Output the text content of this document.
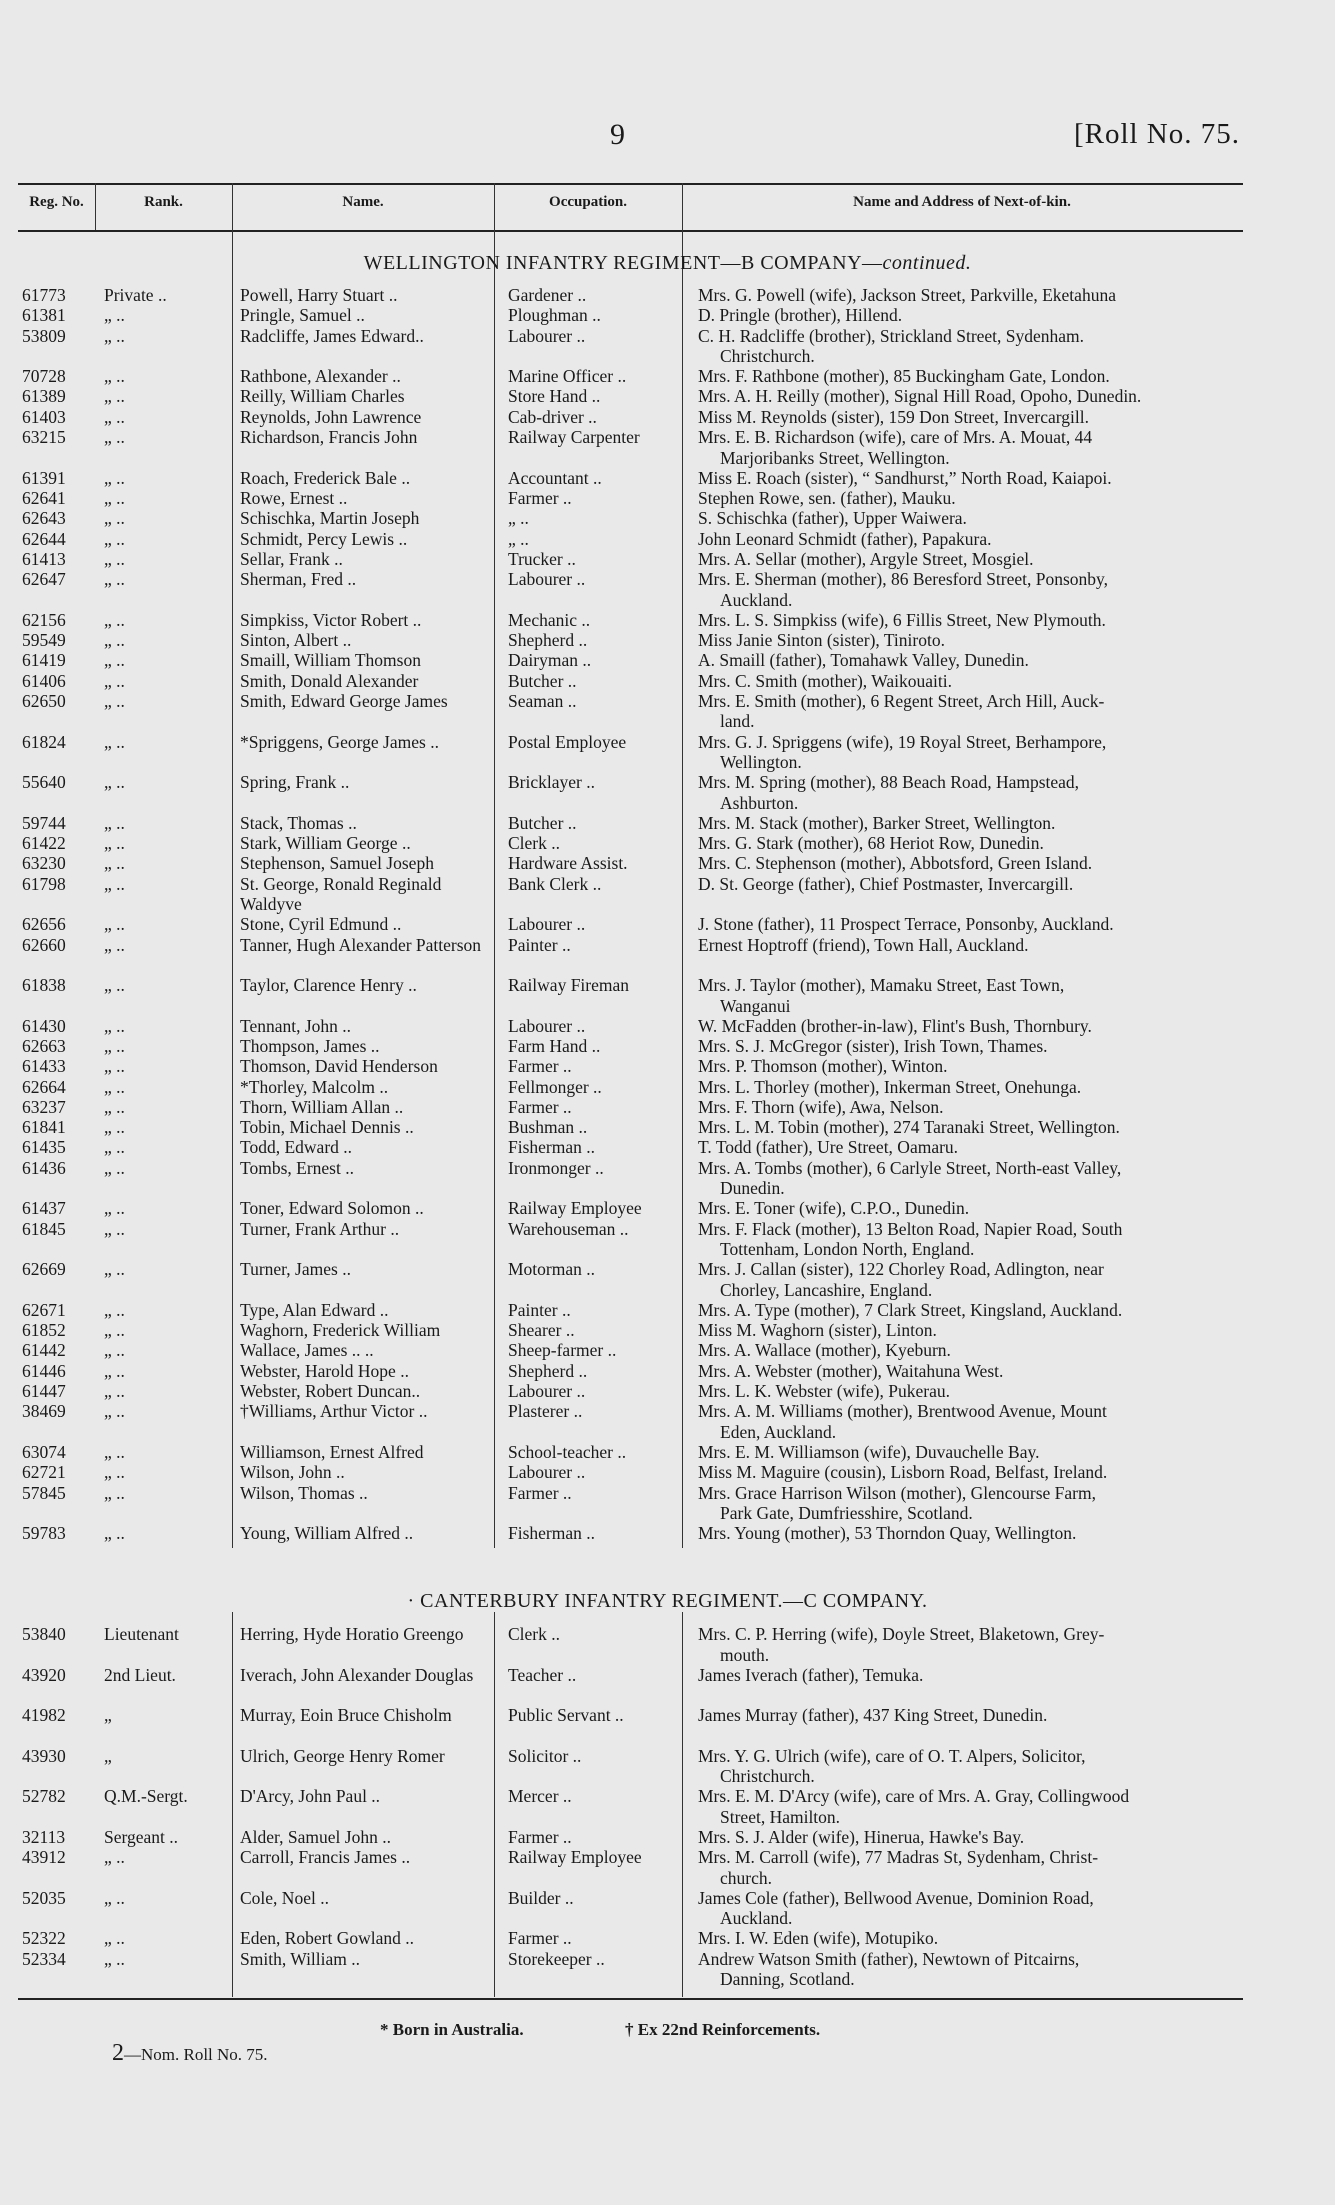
9	[Roll No. 75.
Reg. No.	Rank.	Name.	Occupation.	Name and Address of Next-of-kin.
WELLINGTON INFANTRY REGIMENT—B COMPANY—continued.
61773	Private ..	Powell, Harry Stuart ..	Gardener ..	Mrs. G. Powell (wife), Jackson Street, Parkville, Eketahuna
61381	„ ..	Pringle, Samuel ..	Ploughman ..	D. Pringle (brother), Hillend.
53809	„ ..	Radcliffe, James Edward..	Labourer ..	C. H. Radcliffe (brother), Strickland Street, Sydenham.
Christchurch.
70728	„ ..	Rathbone, Alexander ..	Marine Officer ..	Mrs. F. Rathbone (mother), 85 Buckingham Gate, London.
61389	„ ..	Reilly, William Charles	Store Hand ..	Mrs. A. H. Reilly (mother), Signal Hill Road, Opoho, Dunedin.
61403	„ ..	Reynolds, John Lawrence	Cab-driver ..	Miss M. Reynolds (sister), 159 Don Street, Invercargill.
63215	„ ..	Richardson, Francis John	Railway Carpenter	Mrs. E. B. Richardson (wife), care of Mrs. A. Mouat, 44
Marjoribanks Street, Wellington.
61391	„ ..	Roach, Frederick Bale ..	Accountant ..	Miss E. Roach (sister), “ Sandhurst,” North Road, Kaiapoi.
62641	„ ..	Rowe, Ernest ..	Farmer ..	Stephen Rowe, sen. (father), Mauku.
62643	„ ..	Schischka, Martin Joseph	„ ..	S. Schischka (father), Upper Waiwera.
62644	„ ..	Schmidt, Percy Lewis ..	„ ..	John Leonard Schmidt (father), Papakura.
61413	„ ..	Sellar, Frank ..	Trucker ..	Mrs. A. Sellar (mother), Argyle Street, Mosgiel.
62647	„ ..	Sherman, Fred ..	Labourer ..	Mrs. E. Sherman (mother), 86 Beresford Street, Ponsonby,
Auckland.
62156	„ ..	Simpkiss, Victor Robert ..	Mechanic ..	Mrs. L. S. Simpkiss (wife), 6 Fillis Street, New Plymouth.
59549	„ ..	Sinton, Albert ..	Shepherd ..	Miss Janie Sinton (sister), Tiniroto.
61419	„ ..	Smaill, William Thomson	Dairyman ..	A. Smaill (father), Tomahawk Valley, Dunedin.
61406	„ ..	Smith, Donald Alexander	Butcher ..	Mrs. C. Smith (mother), Waikouaiti.
62650	„ ..	Smith, Edward George James	Seaman ..	Mrs. E. Smith (mother), 6 Regent Street, Arch Hill, Auck-
land.
61824	„ ..	*Spriggens, George James ..	Postal Employee	Mrs. G. J. Spriggens (wife), 19 Royal Street, Berhampore,
Wellington.
55640	„ ..	Spring, Frank ..	Bricklayer ..	Mrs. M. Spring (mother), 88 Beach Road, Hampstead,
Ashburton.
59744	„ ..	Stack, Thomas ..	Butcher ..	Mrs. M. Stack (mother), Barker Street, Wellington.
61422	„ ..	Stark, William George ..	Clerk ..	Mrs. G. Stark (mother), 68 Heriot Row, Dunedin.
63230	„ ..	Stephenson, Samuel Joseph	Hardware Assist.	Mrs. C. Stephenson (mother), Abbotsford, Green Island.
61798	„ ..	St. George, Ronald Reginald Waldyve
Bank Clerk ..	D. St. George (father), Chief Postmaster, Invercargill.
62656	„ ..	Stone, Cyril Edmund ..	Labourer ..	J. Stone (father), 11 Prospect Terrace, Ponsonby, Auckland.
62660	„ ..	Tanner, Hugh Alexander Patterson	Painter ..	Ernest Hoptroff (friend), Town Hall, Auckland.
61838	„ ..	Taylor, Clarence Henry ..	Railway Fireman	Mrs. J. Taylor (mother), Mamaku Street, East Town,
Wanganui
61430	„ ..	Tennant, John ..	Labourer ..	W. McFadden (brother-in-law), Flint's Bush, Thornbury.
62663	„ ..	Thompson, James ..	Farm Hand ..	Mrs. S. J. McGregor (sister), Irish Town, Thames.
61433	„ ..	Thomson, David Henderson	Farmer ..	Mrs. P. Thomson (mother), Winton.
62664	„ ..	*Thorley, Malcolm ..	Fellmonger ..	Mrs. L. Thorley (mother), Inkerman Street, Onehunga.
63237	„ ..	Thorn, William Allan ..	Farmer ..	Mrs. F. Thorn (wife), Awa, Nelson.
61841	„ ..	Tobin, Michael Dennis ..	Bushman ..	Mrs. L. M. Tobin (mother), 274 Taranaki Street, Wellington.
61435	„ ..	Todd, Edward ..	Fisherman ..	T. Todd (father), Ure Street, Oamaru.
61436	„ ..	Tombs, Ernest ..	Ironmonger ..	Mrs. A. Tombs (mother), 6 Carlyle Street, North-east Valley,
Dunedin.
61437	„ ..	Toner, Edward Solomon ..	Railway Employee	Mrs. E. Toner (wife), C.P.O., Dunedin.
61845	„ ..	Turner, Frank Arthur ..	Warehouseman ..	Mrs. F. Flack (mother), 13 Belton Road, Napier Road, South
Tottenham, London North, England.
62669	„ ..	Turner, James ..	Motorman ..	Mrs. J. Callan (sister), 122 Chorley Road, Adlington, near
Chorley, Lancashire, England.
62671	„ ..	Type, Alan Edward ..	Painter ..	Mrs. A. Type (mother), 7 Clark Street, Kingsland, Auckland.
61852	„ ..	Waghorn, Frederick William	Shearer ..	Miss M. Waghorn (sister), Linton.
61442	„ ..	Wallace, James .. ..	Sheep-farmer ..	Mrs. A. Wallace (mother), Kyeburn.
61446	„ ..	Webster, Harold Hope ..	Shepherd ..	Mrs. A. Webster (mother), Waitahuna West.
61447	„ ..	Webster, Robert Duncan..	Labourer ..	Mrs. L. K. Webster (wife), Pukerau.
38469	„ ..	†Williams, Arthur Victor ..	Plasterer ..	Mrs. A. M. Williams (mother), Brentwood Avenue, Mount
Eden, Auckland.
63074	„ ..	Williamson, Ernest Alfred	School-teacher ..	Mrs. E. M. Williamson (wife), Duvauchelle Bay.
62721	„ ..	Wilson, John ..	Labourer ..	Miss M. Maguire (cousin), Lisborn Road, Belfast, Ireland.
57845	„ ..	Wilson, Thomas ..	Farmer ..	Mrs. Grace Harrison Wilson (mother), Glencourse Farm,
Park Gate, Dumfriesshire, Scotland.
59783	„ ..	Young, William Alfred ..	Fisherman ..	Mrs. Young (mother), 53 Thorndon Quay, Wellington.
· CANTERBURY INFANTRY REGIMENT.—C COMPANY.
53840	Lieutenant	Herring, Hyde Horatio Greengo	Clerk ..	Mrs. C. P. Herring (wife), Doyle Street, Blaketown, Grey-
mouth.
43920	2nd Lieut.	Iverach, John Alexander Douglas	Teacher ..	James Iverach (father), Temuka.
41982	„	Murray, Eoin Bruce Chisholm	Public Servant ..	James Murray (father), 437 King Street, Dunedin.
43930	„	Ulrich, George Henry Romer	Solicitor ..	Mrs. Y. G. Ulrich (wife), care of O. T. Alpers, Solicitor,
Christchurch.
52782	Q.M.-Sergt.	D'Arcy, John Paul ..	Mercer ..	Mrs. E. M. D'Arcy (wife), care of Mrs. A. Gray, Collingwood
Street, Hamilton.
32113	Sergeant ..	Alder, Samuel John ..	Farmer ..	Mrs. S. J. Alder (wife), Hinerua, Hawke's Bay.
43912	„ ..	Carroll, Francis James ..	Railway Employee	Mrs. M. Carroll (wife), 77 Madras St, Sydenham, Christ-
church.
52035	„ ..	Cole, Noel ..	Builder ..	James Cole (father), Bellwood Avenue, Dominion Road,
Auckland.
52322	„ ..	Eden, Robert Gowland ..	Farmer ..	Mrs. I. W. Eden (wife), Motupiko.
52334	„ ..	Smith, William ..	Storekeeper ..	Andrew Watson Smith (father), Newtown of Pitcairns,
Danning, Scotland.
* Born in Australia.	† Ex 22nd Reinforcements.
2—Nom. Roll No. 75.
